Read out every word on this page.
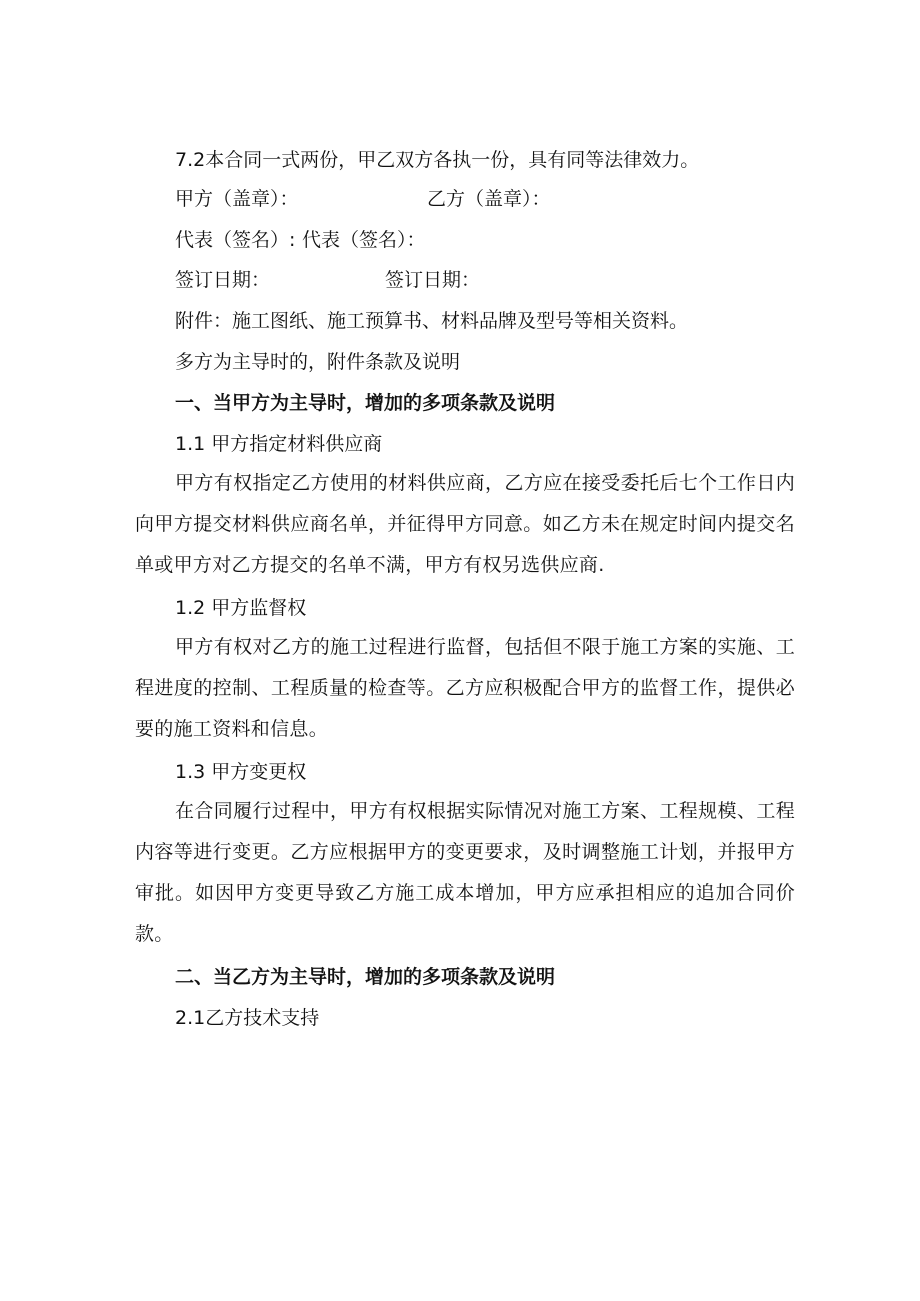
7.2本合同一式两份，甲乙双方各执一份，具有同等法律效力。
甲方（盖章）：	乙方（盖章）：
代表（签名）: 代表（签名）：
签订日期：	签订日期：
附件：施工图纸、施工预算书、材料品牌及型号等相关资料。
多方为主导时的，附件条款及说明
一、当甲方为主导时，增加的多项条款及说明
1.1 甲方指定材料供应商
甲方有权指定乙方使用的材料供应商，乙方应在接受委托后七个工作日内向甲方提交材料供应商名单，并征得甲方同意。如乙方未在规定时间内提交名单或甲方对乙方提交的名单不满，甲方有权另选供应商.
1.2 甲方监督权
甲方有权对乙方的施工过程进行监督，包括但不限于施工方案的实施、工程进度的控制、工程质量的检查等。乙方应积极配合甲方的监督工作，提供必要的施工资料和信息。
1.3 甲方变更权
在合同履行过程中，甲方有权根据实际情况对施工方案、工程规模、工程内容等进行变更。乙方应根据甲方的变更要求，及时调整施工计划，并报甲方审批。如因甲方变更导致乙方施工成本增加，甲方应承担相应的追加合同价款。
二、当乙方为主导时，增加的多项条款及说明
2.1乙方技术支持
